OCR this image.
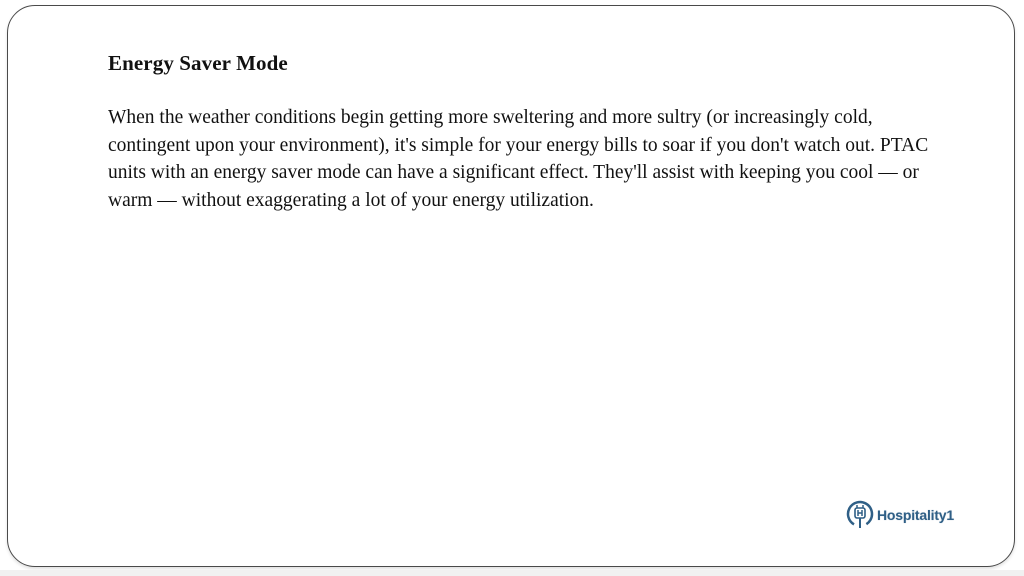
Energy Saver Mode

When the weather conditions begin getting more sweltering and more sultry (or increasingly cold, contingent upon your environment), it's simple for your energy bills to soar if you don't watch out. PTAC units with an energy saver mode can have a significant effect. They'll assist with keeping you cool — or warm — without exaggerating a lot of your energy utilization.

Hospitality1
